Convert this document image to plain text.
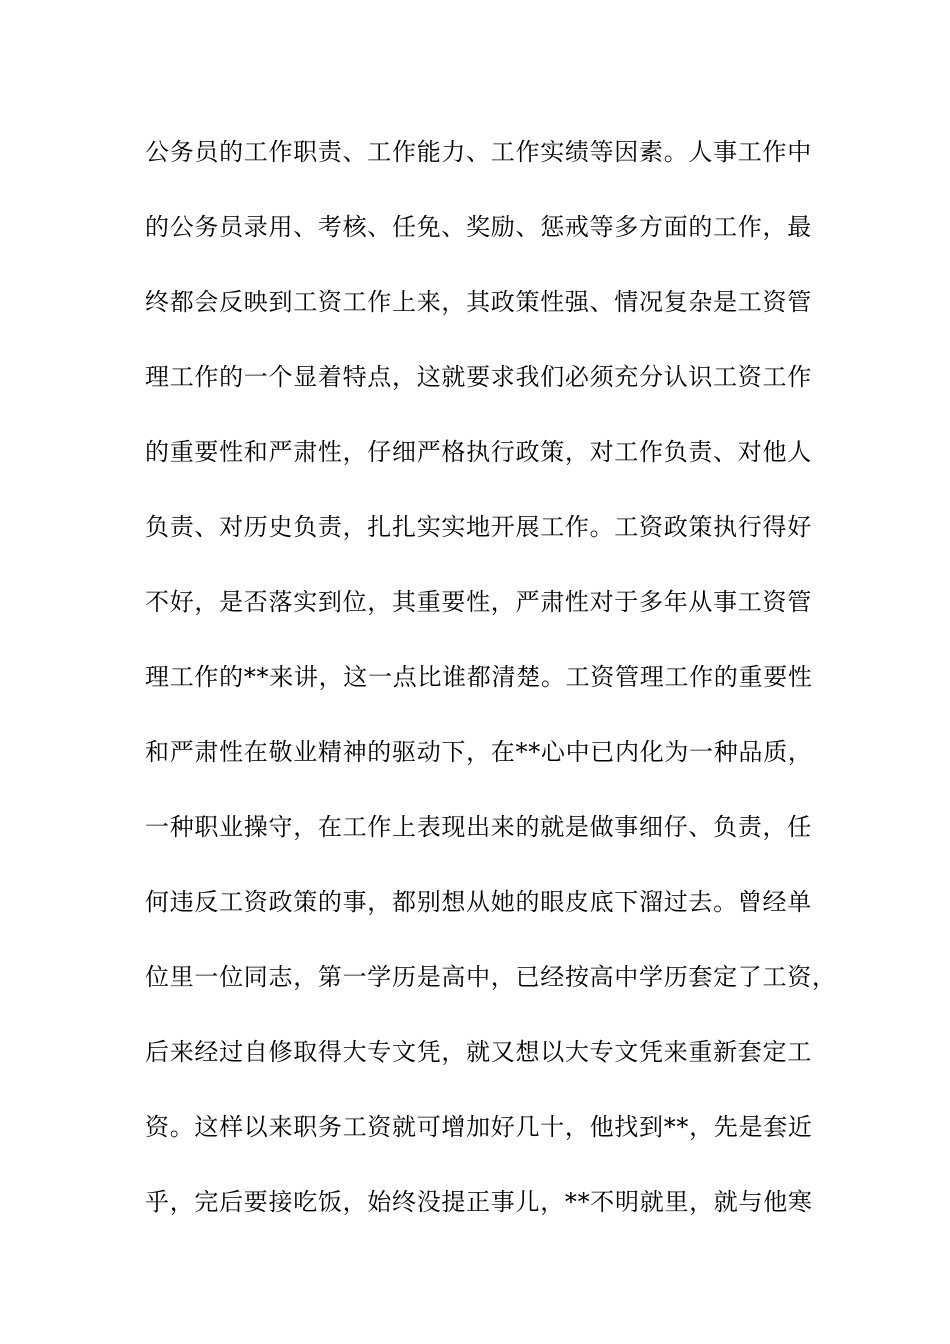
公务员的工作职责、工作能力、工作实绩等因素。人事工作中
的公务员录用、考核、任免、奖励、惩戒等多方面的工作，最
终都会反映到工资工作上来，其政策性强、情况复杂是工资管
理工作的一个显着特点，这就要求我们必须充分认识工资工作
的重要性和严肃性，仔细严格执行政策，对工作负责、对他人
负责、对历史负责，扎扎实实地开展工作。工资政策执行得好
不好，是否落实到位，其重要性，严肃性对于多年从事工资管
理工作的**来讲，这一点比谁都清楚。工资管理工作的重要性
和严肃性在敬业精神的驱动下，在**心中已内化为一种品质，
一种职业操守，在工作上表现出来的就是做事细仔、负责，任
何违反工资政策的事，都别想从她的眼皮底下溜过去。曾经单
位里一位同志，第一学历是高中，已经按高中学历套定了工资，
后来经过自修取得大专文凭，就又想以大专文凭来重新套定工
资。这样以来职务工资就可增加好几十，他找到**，先是套近
乎，完后要接吃饭，始终没提正事儿，**不明就里，就与他寒
